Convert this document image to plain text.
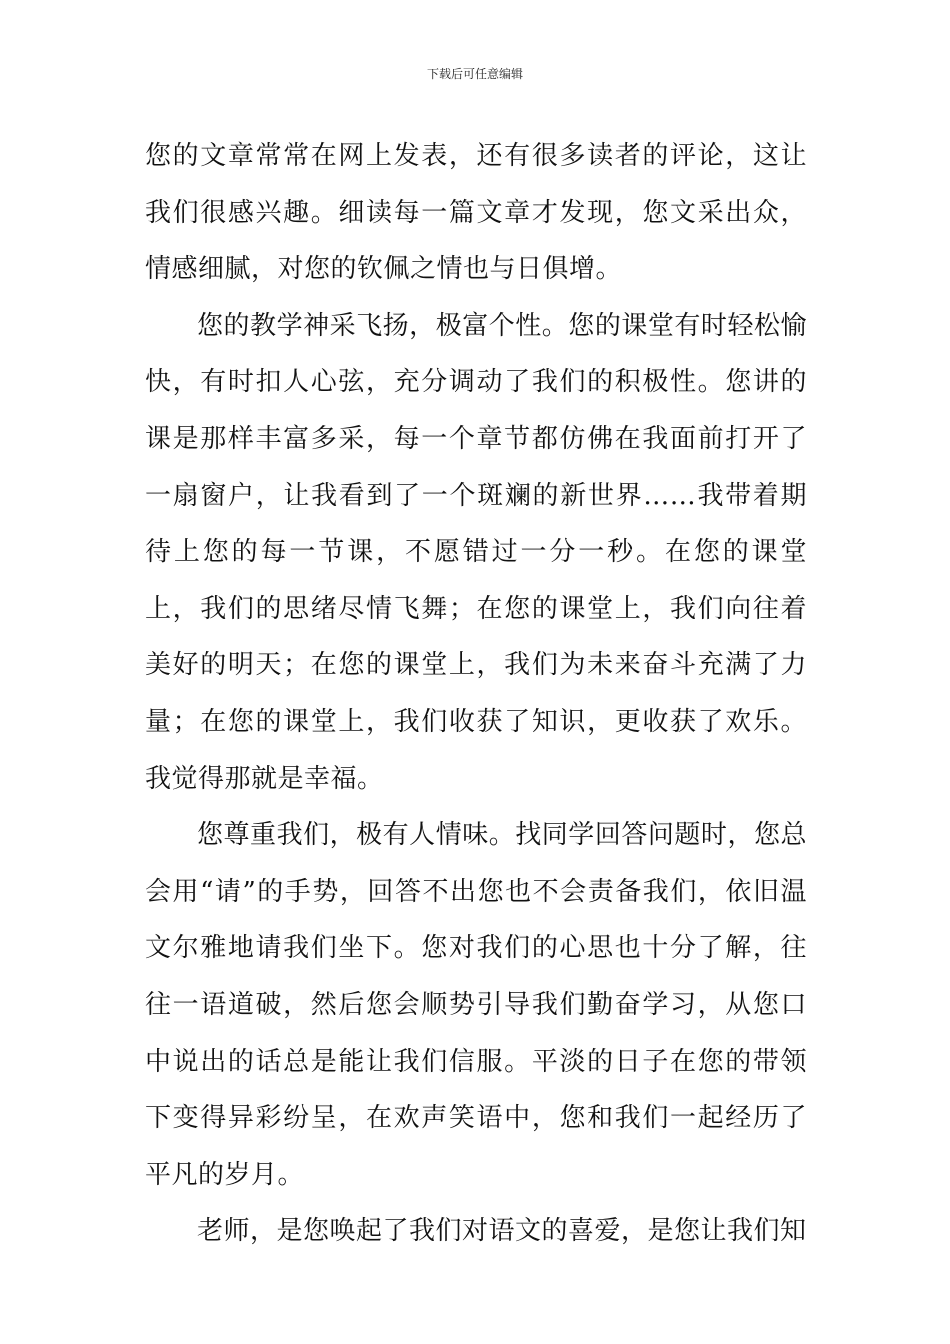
下载后可任意编辑

您的文章常常在网上发表，还有很多读者的评论，这让我们很感兴趣。细读每一篇文章才发现，您文采出众，情感细腻，对您的钦佩之情也与日俱增。

您的教学神采飞扬，极富个性。您的课堂有时轻松愉快，有时扣人心弦，充分调动了我们的积极性。您讲的课是那样丰富多采，每一个章节都仿佛在我面前打开了一扇窗户，让我看到了一个斑斓的新世界……我带着期待上您的每一节课，不愿错过一分一秒。在您的课堂上，我们的思绪尽情飞舞；在您的课堂上，我们向往着美好的明天；在您的课堂上，我们为未来奋斗充满了力量；在您的课堂上，我们收获了知识，更收获了欢乐。我觉得那就是幸福。

您尊重我们，极有人情味。找同学回答问题时，您总会用“请”的手势，回答不出您也不会责备我们，依旧温文尔雅地请我们坐下。您对我们的心思也十分了解，往往一语道破，然后您会顺势引导我们勤奋学习，从您口中说出的话总是能让我们信服。平淡的日子在您的带领下变得异彩纷呈，在欢声笑语中，您和我们一起经历了平凡的岁月。

老师，是您唤起了我们对语文的喜爱，是您让我们知
